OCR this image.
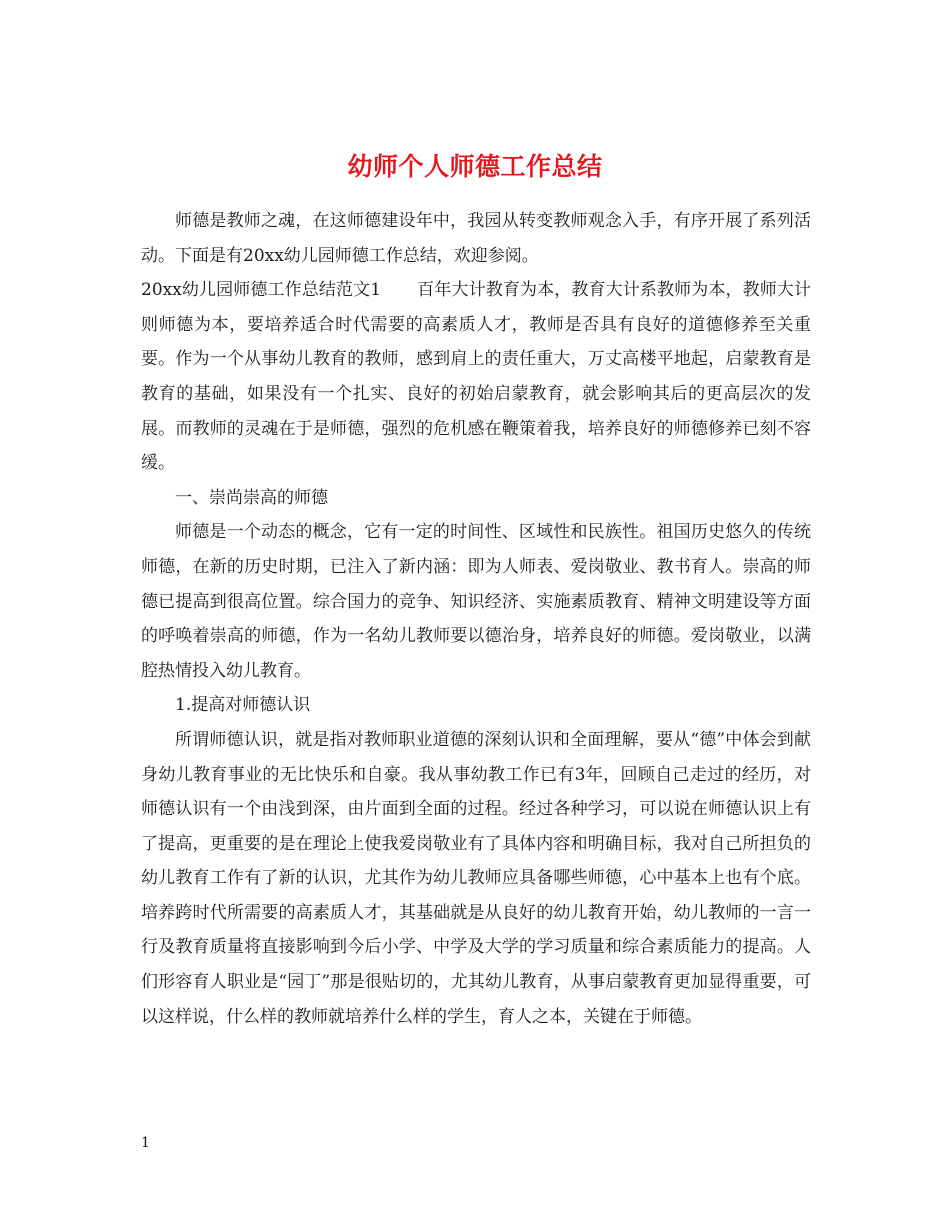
幼师个人师德工作总结

师德是教师之魂，在这师德建设年中，我园从转变教师观念入手，有序开展了系列活动。下面是有20xx幼儿园师德工作总结，欢迎参阅。

20xx幼儿园师德工作总结范文1 百年大计教育为本，教育大计系教师为本，教师大计则师德为本，要培养适合时代需要的高素质人才，教师是否具有良好的道德修养至关重要。作为一个从事幼儿教育的教师，感到肩上的责任重大，万丈高楼平地起，启蒙教育是教育的基础，如果没有一个扎实、良好的初始启蒙教育，就会影响其后的更高层次的发展。而教师的灵魂在于是师德，强烈的危机感在鞭策着我，培养良好的师德修养已刻不容缓。

一、崇尚崇高的师德

师德是一个动态的概念，它有一定的时间性、区域性和民族性。祖国历史悠久的传统师德，在新的历史时期，已注入了新内涵：即为人师表、爱岗敬业、教书育人。崇高的师德已提高到很高位置。综合国力的竞争、知识经济、实施素质教育、精神文明建设等方面的呼唤着崇高的师德，作为一名幼儿教师要以德治身，培养良好的师德。爱岗敬业，以满腔热情投入幼儿教育。

1.提高对师德认识

所谓师德认识，就是指对教师职业道德的深刻认识和全面理解，要从“德”中体会到献身幼儿教育事业的无比快乐和自豪。我从事幼教工作已有3年，回顾自己走过的经历，对师德认识有一个由浅到深，由片面到全面的过程。经过各种学习，可以说在师德认识上有了提高，更重要的是在理论上使我爱岗敬业有了具体内容和明确目标，我对自己所担负的幼儿教育工作有了新的认识，尤其作为幼儿教师应具备哪些师德，心中基本上也有个底。培养跨时代所需要的高素质人才，其基础就是从良好的幼儿教育开始，幼儿教师的一言一行及教育质量将直接影响到今后小学、中学及大学的学习质量和综合素质能力的提高。人们形容育人职业是“园丁”那是很贴切的，尤其幼儿教育，从事启蒙教育更加显得重要，可以这样说，什么样的教师就培养什么样的学生，育人之本，关键在于师德。

1
